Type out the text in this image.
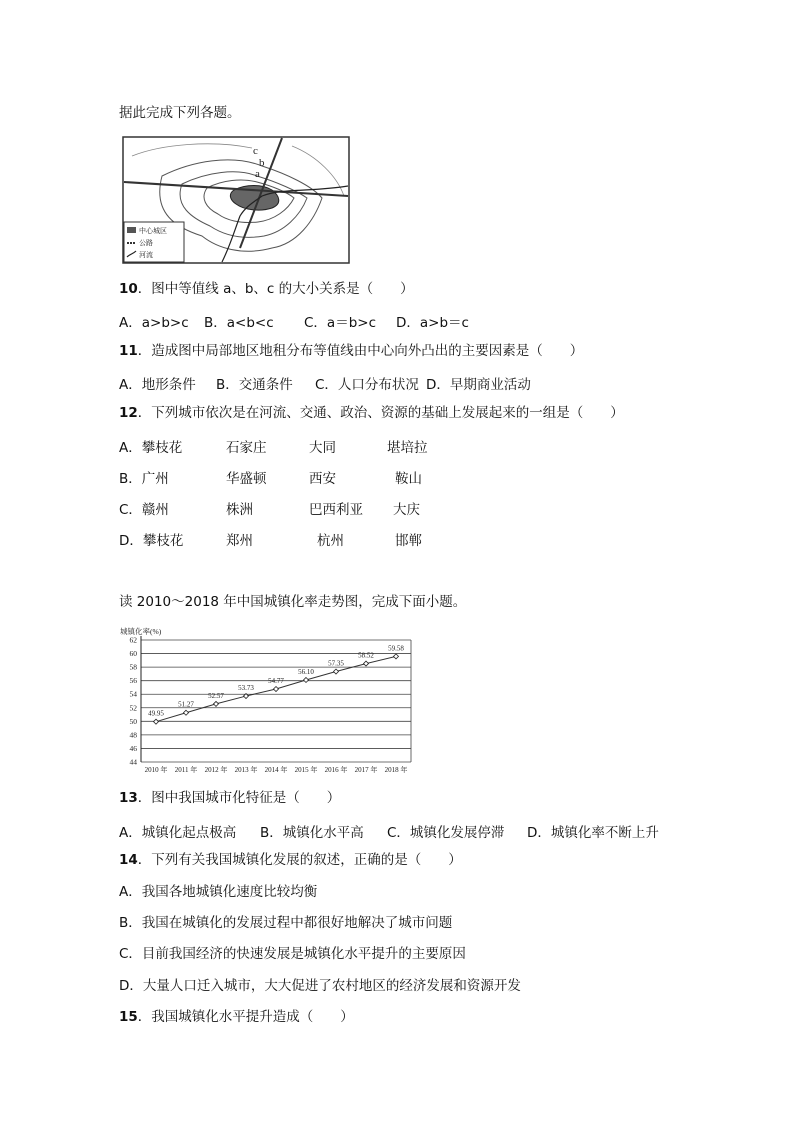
据此完成下列各题。
c
b
a
中心城区
公路
河流
10．图中等值线 a、b、c 的大小关系是（　　）
A．a>b>c B．a<b<c C．a＝b>c D．a>b＝c
11．造成图中局部地区地租分布等值线由中心向外凸出的主要因素是（　　）
A．地形条件 B．交通条件 C．人口分布状况 D．早期商业活动
12．下列城市依次是在河流、交通、政治、资源的基础上发展起来的一组是（　　）
A．攀枝花	石家庄	大同	堪培拉
B．广州	华盛顿	西安	鞍山
C．赣州	株洲	巴西利亚 大庆
D．攀枝花	郑州	杭州	邯郸
读 2010～2018 年中国城镇化率走势图，完成下面小题。
城镇化率(%)
44
46
48
50
52
54
56
58
60
62
2010 年 2011 年 2012 年 2013 年 2014 年 2015 年 2016 年 2017 年 2018 年
49.95
51.27
52.57
53.73
54.77
56.10
57.35
58.52
59.58
13．图中我国城市化特征是（　　）
A．城镇化起点极高 B．城镇化水平高 C．城镇化发展停滞 D．城镇化率不断上升
14．下列有关我国城镇化发展的叙述，正确的是（　　）
A．我国各地城镇化速度比较均衡
B．我国在城镇化的发展过程中都很好地解决了城市问题
C．目前我国经济的快速发展是城镇化水平提升的主要原因
D．大量人口迁入城市，大大促进了农村地区的经济发展和资源开发
15．我国城镇化水平提升造成（　　）
